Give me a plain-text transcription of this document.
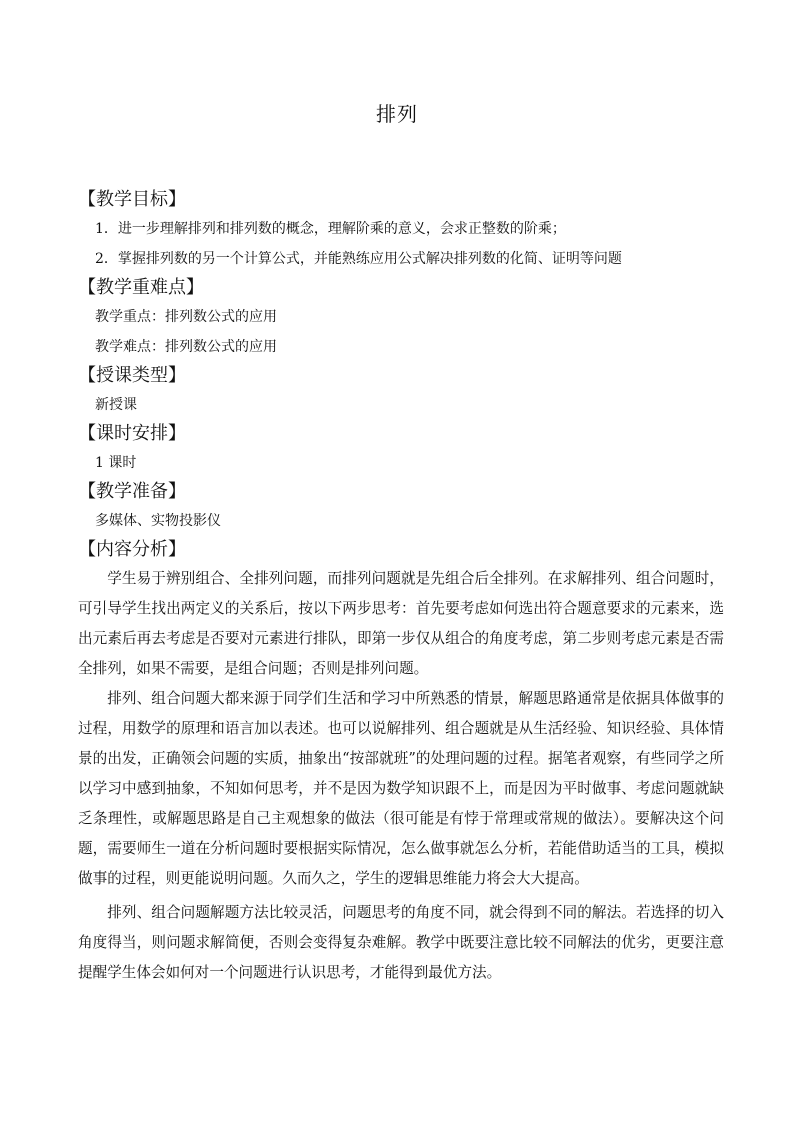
排列

【教学目标】

1．进一步理解排列和排列数的概念，理解阶乘的意义，会求正整数的阶乘；

2．掌握排列数的另一个计算公式，并能熟练应用公式解决排列数的化简、证明等问题

【教学重难点】

教学重点：排列数公式的应用

教学难点：排列数公式的应用

【授课类型】

新授课

【课时安排】

1 课时

【教学准备】

多媒体、实物投影仪

【内容分析】

学生易于辨别组合、全排列问题，而排列问题就是先组合后全排列。在求解排列、组合问题时，可引导学生找出两定义的关系后，按以下两步思考：首先要考虑如何选出符合题意要求的元素来，选出元素后再去考虑是否要对元素进行排队，即第一步仅从组合的角度考虑，第二步则考虑元素是否需全排列，如果不需要，是组合问题；否则是排列问题。

排列、组合问题大都来源于同学们生活和学习中所熟悉的情景，解题思路通常是依据具体做事的过程，用数学的原理和语言加以表述。也可以说解排列、组合题就是从生活经验、知识经验、具体情景的出发，正确领会问题的实质，抽象出“按部就班”的处理问题的过程。据笔者观察，有些同学之所以学习中感到抽象，不知如何思考，并不是因为数学知识跟不上，而是因为平时做事、考虑问题就缺乏条理性，或解题思路是自己主观想象的做法（很可能是有悖于常理或常规的做法）。要解决这个问题，需要师生一道在分析问题时要根据实际情况，怎么做事就怎么分析，若能借助适当的工具，模拟做事的过程，则更能说明问题。久而久之，学生的逻辑思维能力将会大大提高。

排列、组合问题解题方法比较灵活，问题思考的角度不同，就会得到不同的解法。若选择的切入角度得当，则问题求解简便，否则会变得复杂难解。教学中既要注意比较不同解法的优劣，更要注意提醒学生体会如何对一个问题进行认识思考，才能得到最优方法。
